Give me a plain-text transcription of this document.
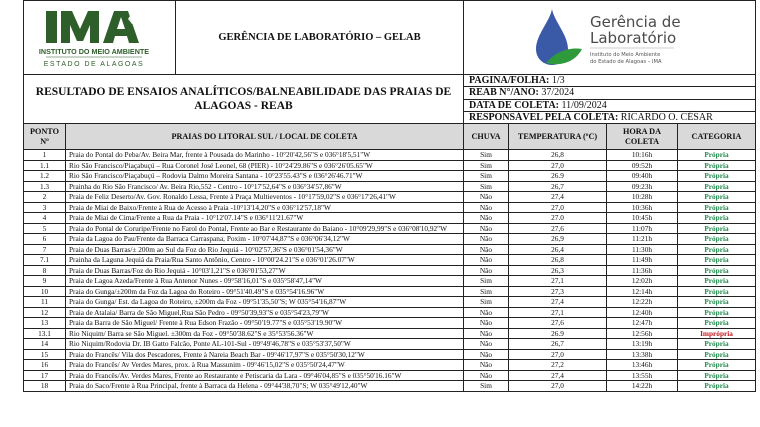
INSTITUTO DO MEIO AMBIENTE
ESTADO DE ALAGOAS
	GERÊNCIA DE LABORATÓRIO – GELAB	
Gerência de
Laboratório
Instituto do Meio Ambiente
do Estado de Alagoas – IMA
RESULTADO DE ENSAIOS ANALÍTICOS/BALNEABILIDADE DAS PRAIAS DE
ALAGOAS - REAB
	PAGINA/FOLHA: 1/3
REAB N°/ANO: 37/2024
DATA DE COLETA: 11/09/2024
RESPONSÁVEL PELA COLETA: RICARDO O. CÉSAR
PONTO Nº	PRAIAS DO LITORAL SUL / LOCAL DE COLETA	CHUVA	TEMPERATURA (ºC)	HORA DA COLETA	CATEGORIA
1	Praia do Pontal do Peba/Av. Beira Mar, frente à Pousada do Marinho - 10°20'42,56"S e 036°18'5,51"W	Sim	26,8	10:16h	Própria
1.1	Rio São Francisco/Piaçabuçú – Rua Coronel José Leonel, 68 (PIER) - 10°24'29.86"S e 036°26'05.65"W	Sim	27,0	09:52h	Própria
1.2	Rio São Francisco/Piaçabuçú – Rodovia Dalmo Moreira Santana - 10°23'55.43"S e 036°26'46.71"W	Sim	26.9	09:40h	Própria
1.3	Prainha do Rio São Francisco/ Av. Beira Rio,552 - Centro - 10°17'52,64"S e 036°34'57,86"W	Sim	26,7	09:23h	Própria
2	Praia de Feliz Deserto/Av. Gov. Ronaldo Lessa, Frente à Praça Multieventos - 10°17'59,02"S e 036°17'26,41"W	Não	27,4	10:28h	Própria
3	Praia de Miai de Baixo/Frente à Rua de Acesso à Praia -10°13'14,20"S e 036°12'57,18"W	Não	27,0	10:36h	Própria
4	Praia de Miai de Cima/Frente a Rua da Praia - 10°12'07.14"S e 036°11'21.67"W	Não	27.0	10:45h	Própria
5	Praia do Pontal de Coruripe/Frente no Farol do Pontal, Frente ao Bar e Restaurante do Baiano - 10°09'29,99"S e 036°08'10,92"W	Não	27,6	11:07h	Própria
6	Praia da Lagoa do Pau/Frente da Barraca Carraspana, Poxim - 10°07'44,87"S e 036°06'34,12"W	Não	26,9	11:21h	Própria
7	Praia de Duas Barras/± 200m ao Sul da Foz do Rio Jequiá - 10°02'57,36"S e 036°01'54,36"W	Não	26,4	11:30h	Própria
7.1	Prainha da Laguna Jequiá da Praia/Rua Santo Antônio, Centro - 10°00'24.21"S e 036°01'26.07"W	Não	26,8	11:49h	Própria
8	Praia de Duas Barras/Foz do Rio Jequiá - 10°03'1,21"S e 036°01'53,27"W	Não	26,3	11:36h	Própria
9	Praia de Lagoa Azeda/Frente à Rua Antenor Nunes - 09°58'16,01"S e 035°58'47,14"W	Sim	27,1	12:02h	Própria
10	Praia do Gunga/±200m da Foz da Lagoa do Roteiro - 09°51'40.49"S e 035°54'16.96"W	Sim	27,3	12:14h	Própria
11	Praia do Gunga/ Est. da Lagoa do Roteiro, ±200m da Foz - 09°51'35,50"S; W 035°54'16,87"W	Sim	27,4	12:22h	Própria
12	Praia de Atalaia/ Barra de São Miguel,Rua São Pedro - 09°50'39,93"S e 035°54'23,79"W	Não	27,1	12:40h	Própria
13	Praia da Barra de São Miguel/ Frente à Rua Edson Frazão - 09°50'19.77"S e 035°53'19.90"W	Não	27,6	12:47h	Própria
13.1	Rio Niquim/ Barra se São Miguel. ±300m da Foz - 09°50'38.62"S e 35°53'56.36"W	Não	26.9	12:56h	Imprópria
14	Rio Niquim/Rodovia Dr. IB Gatto Falcão, Ponte AL-101-Sul - 09°49'46,78"S e 035°53'37,50"W	Não	26,7	13:19h	Própria
15	Praia do Francês/ Vila dos Pescadores, Frente à Nareia Beach Bar - 09°46'17,97"S e 035°50'30,12"W	Não	27,0	13:38h	Própria
16	Praia do Francês/ Av Verdes Mares, prox. à Rua Massunim - 09°46'15,02"S e 035°50'24,47"W	Não	27,2	13:46h	Própria
17	Praia do Francês/Av. Verdes Mares, Frente ao Restaurante e Petiscaria da Lara - 09°46'04,85"S e 035°50'16.16"W	Não	27,4	13:55h	Própria
18	Praia do Saco/Frente à Rua Principal, frente à Barraca da Helena - 09°44'38,70"S; W 035°49'12,40"W	Sim	27,0	14:22h	Própria
